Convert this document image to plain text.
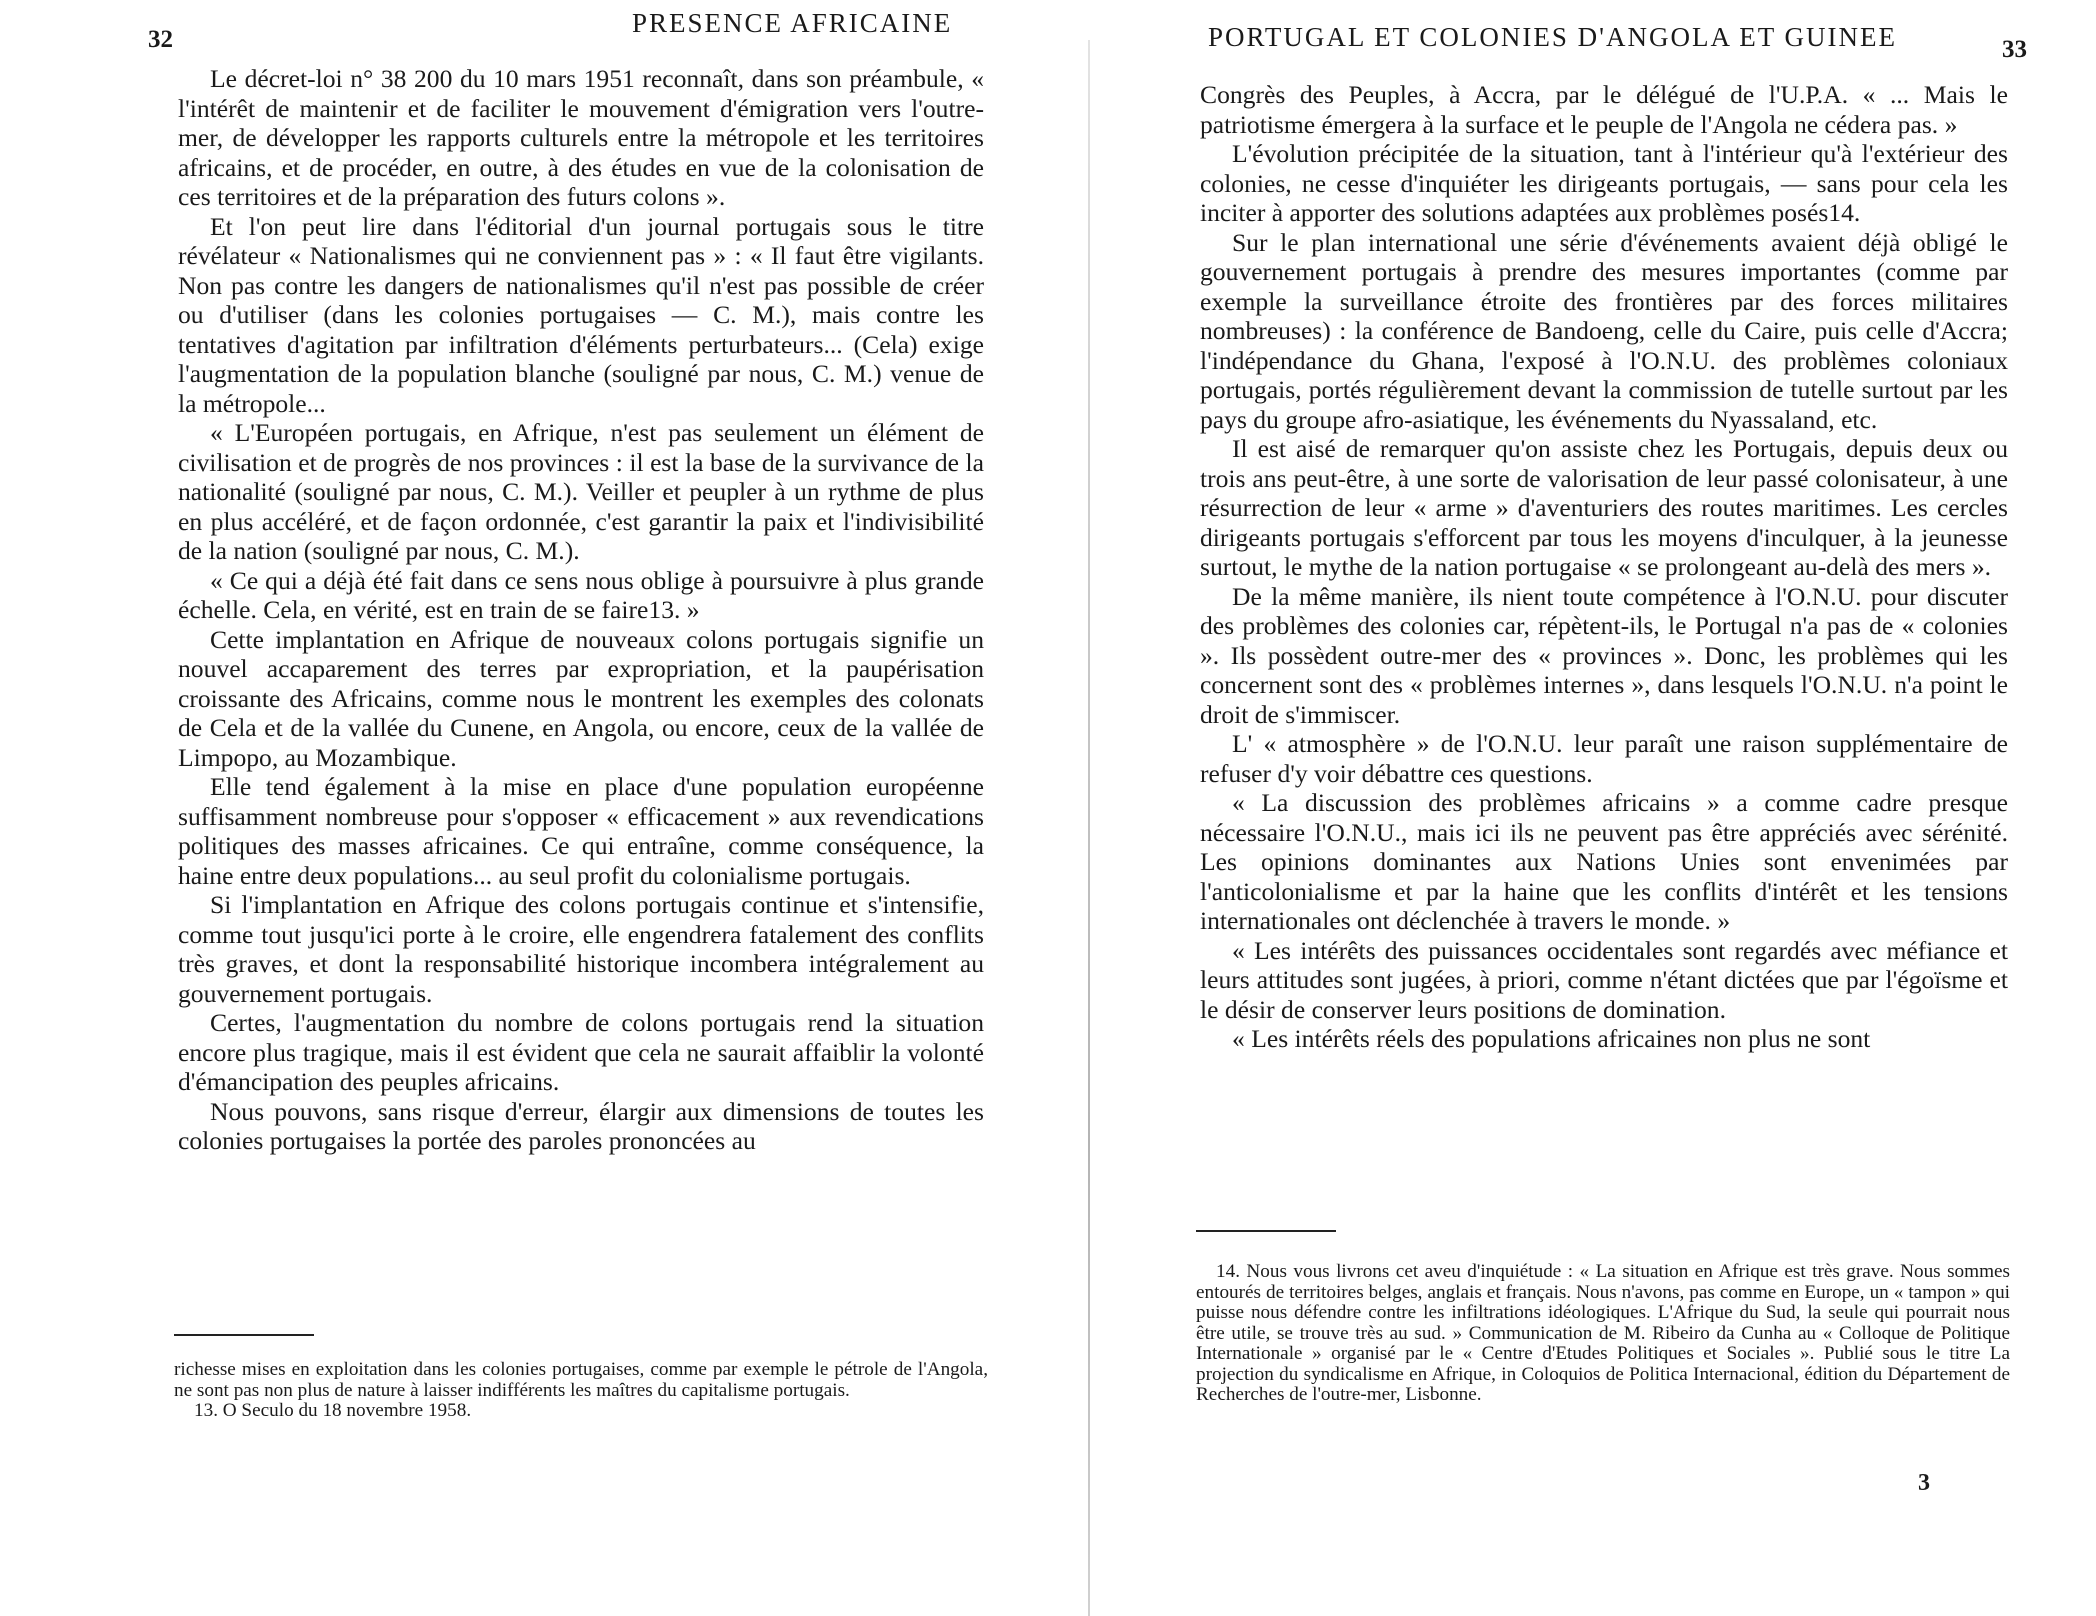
32
PRESENCE AFRICAINE

Le décret-loi n° 38 200 du 10 mars 1951 reconnaît, dans son préambule, « l'intérêt de maintenir et de faciliter le mouvement d'émigration vers l'outre-mer, de développer les rapports culturels entre la métropole et les territoires africains, et de procéder, en outre, à des études en vue de la colonisation de ces territoires et de la préparation des futurs colons ».

Et l'on peut lire dans l'éditorial d'un journal portugais sous le titre révélateur « Nationalismes qui ne conviennent pas » : « Il faut être vigilants. Non pas contre les dangers de nationalismes qu'il n'est pas possible de créer ou d'utiliser (dans les colonies portugaises — C. M.), mais contre les tentatives d'agitation par infiltration d'éléments perturbateurs... (Cela) exige l'augmentation de la population blanche (souligné par nous, C. M.) venue de la métropole...

« L'Européen portugais, en Afrique, n'est pas seulement un élément de civilisation et de progrès de nos provinces : il est la base de la survivance de la nationalité (souligné par nous, C. M.). Veiller et peupler à un rythme de plus en plus accéléré, et de façon ordonnée, c'est garantir la paix et l'indivisibilité de la nation (souligné par nous, C. M.).

« Ce qui a déjà été fait dans ce sens nous oblige à poursuivre à plus grande échelle. Cela, en vérité, est en train de se faire13. »

Cette implantation en Afrique de nouveaux colons portugais signifie un nouvel accaparement des terres par expropriation, et la paupérisation croissante des Africains, comme nous le montrent les exemples des colonats de Cela et de la vallée du Cunene, en Angola, ou encore, ceux de la vallée de Limpopo, au Mozambique.

Elle tend également à la mise en place d'une population européenne suffisamment nombreuse pour s'opposer « efficacement » aux revendications politiques des masses africaines. Ce qui entraîne, comme conséquence, la haine entre deux populations... au seul profit du colonialisme portugais.

Si l'implantation en Afrique des colons portugais continue et s'intensifie, comme tout jusqu'ici porte à le croire, elle engendrera fatalement des conflits très graves, et dont la responsabilité historique incombera intégralement au gouvernement portugais.

Certes, l'augmentation du nombre de colons portugais rend la situation encore plus tragique, mais il est évident que cela ne saurait affaiblir la volonté d'émancipation des peuples africains.

Nous pouvons, sans risque d'erreur, élargir aux dimensions de toutes les colonies portugaises la portée des paroles prononcées au

richesse mises en exploitation dans les colonies portugaises, comme par exemple le pétrole de l'Angola, ne sont pas non plus de nature à laisser indifférents les maîtres du capitalisme portugais.

13. O Seculo du 18 novembre 1958.

PORTUGAL ET COLONIES D'ANGOLA ET GUINEE	33

Congrès des Peuples, à Accra, par le délégué de l'U.P.A. « ... Mais le patriotisme émergera à la surface et le peuple de l'Angola ne cédera pas. »

L'évolution précipitée de la situation, tant à l'intérieur qu'à l'extérieur des colonies, ne cesse d'inquiéter les dirigeants portugais, — sans pour cela les inciter à apporter des solutions adaptées aux problèmes posés14.

Sur le plan international une série d'événements avaient déjà obligé le gouvernement portugais à prendre des mesures importantes (comme par exemple la surveillance étroite des frontières par des forces militaires nombreuses) : la conférence de Bandoeng, celle du Caire, puis celle d'Accra; l'indépendance du Ghana, l'exposé à l'O.N.U. des problèmes coloniaux portugais, portés régulièrement devant la commission de tutelle surtout par les pays du groupe afro-asiatique, les événements du Nyassaland, etc.

Il est aisé de remarquer qu'on assiste chez les Portugais, depuis deux ou trois ans peut-être, à une sorte de valorisation de leur passé colonisateur, à une résurrection de leur « arme » d'aventuriers des routes maritimes. Les cercles dirigeants portugais s'efforcent par tous les moyens d'inculquer, à la jeunesse surtout, le mythe de la nation portugaise « se prolongeant au-delà des mers ».

De la même manière, ils nient toute compétence à l'O.N.U. pour discuter des problèmes des colonies car, répètent-ils, le Portugal n'a pas de « colonies ». Ils possèdent outre-mer des « provinces ». Donc, les problèmes qui les concernent sont des « problèmes internes », dans lesquels l'O.N.U. n'a point le droit de s'immiscer.

L' « atmosphère » de l'O.N.U. leur paraît une raison supplémentaire de refuser d'y voir débattre ces questions.

« La discussion des problèmes africains » a comme cadre presque nécessaire l'O.N.U., mais ici ils ne peuvent pas être appréciés avec sérénité. Les opinions dominantes aux Nations Unies sont envenimées par l'anticolonialisme et par la haine que les conflits d'intérêt et les tensions internationales ont déclenchée à travers le monde. »

« Les intérêts des puissances occidentales sont regardés avec méfiance et leurs attitudes sont jugées, à priori, comme n'étant dictées que par l'égoïsme et le désir de conserver leurs positions de domination.

« Les intérêts réels des populations africaines non plus ne sont

14. Nous vous livrons cet aveu d'inquiétude : « La situation en Afrique est très grave. Nous sommes entourés de territoires belges, anglais et français. Nous n'avons, pas comme en Europe, un « tampon » qui puisse nous défendre contre les infiltrations idéologiques. L'Afrique du Sud, la seule qui pourrait nous être utile, se trouve très au sud. » Communication de M. Ribeiro da Cunha au « Colloque de Politique Internationale » organisé par le « Centre d'Etudes Politiques et Sociales ». Publié sous le titre La projection du syndicalisme en Afrique, in Coloquios de Politica Internacional, édition du Département de Recherches de l'outre-mer, Lisbonne.

3
